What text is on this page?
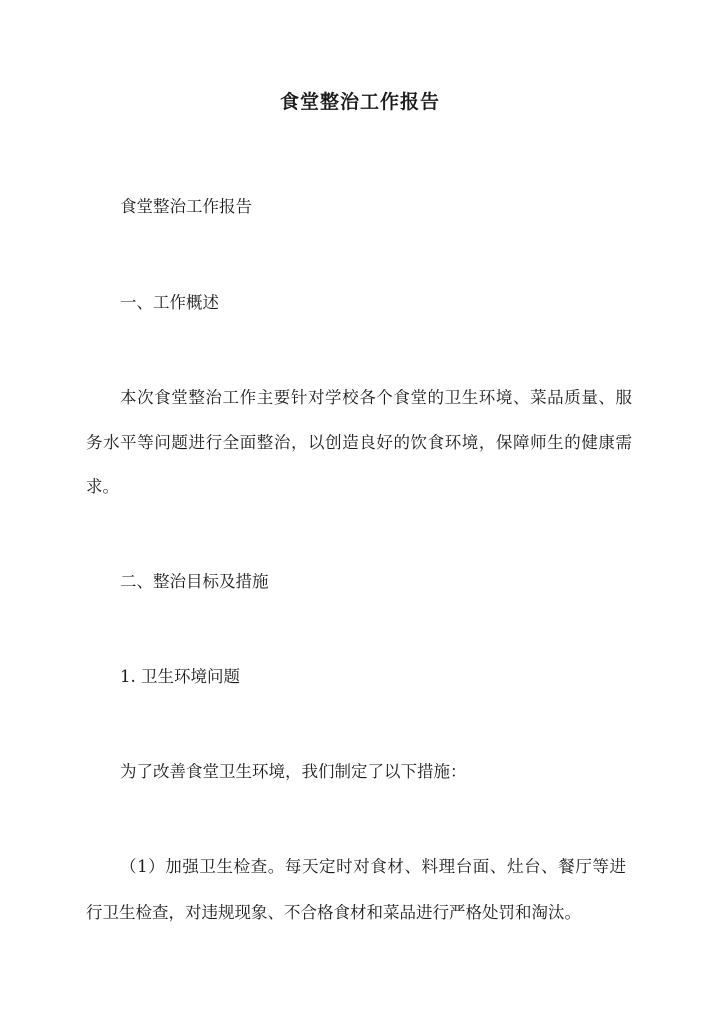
食堂整治工作报告
食堂整治工作报告
一、工作概述
本次食堂整治工作主要针对学校各个食堂的卫生环境、菜品质量、服
务水平等问题进行全面整治，以创造良好的饮食环境，保障师生的健康需
求。
二、整治目标及措施
1. 卫生环境问题
为了改善食堂卫生环境，我们制定了以下措施：
（1）加强卫生检查。每天定时对食材、料理台面、灶台、餐厅等进
行卫生检查，对违规现象、不合格食材和菜品进行严格处罚和淘汰。
